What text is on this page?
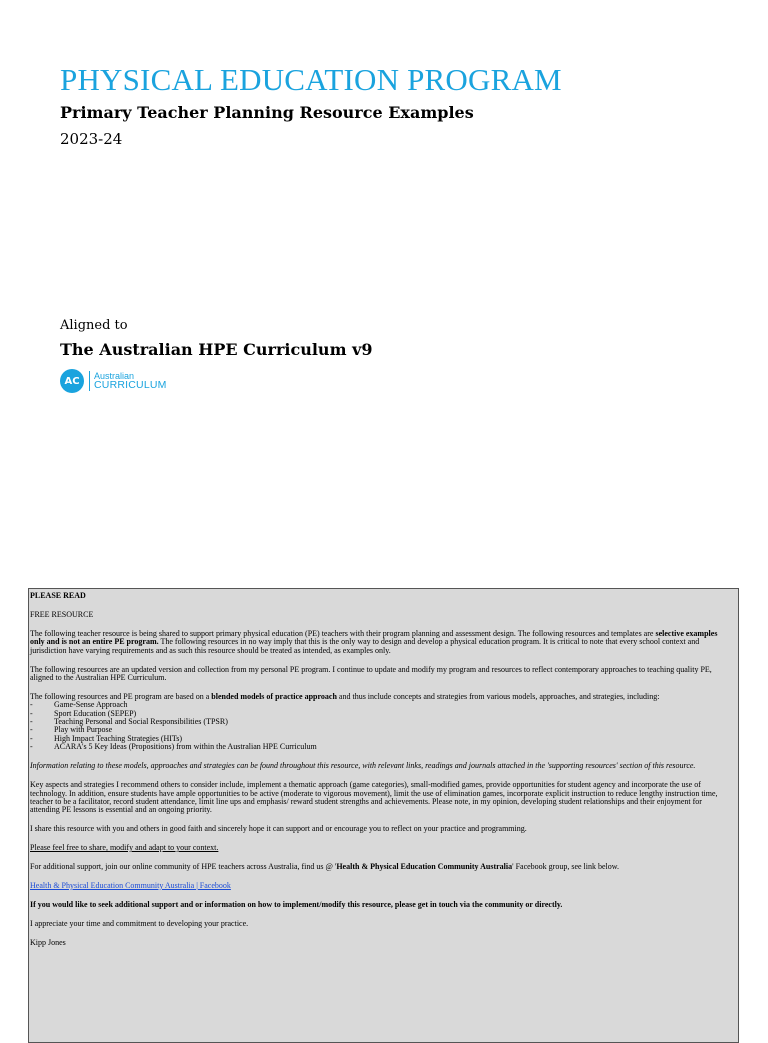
PHYSICAL EDUCATION PROGRAM
Primary Teacher Planning Resource Examples
2023-24
Aligned to
The Australian HPE Curriculum v9
AC	Australian
CURRICULUM

PLEASE READ

FREE RESOURCE

The following teacher resource is being shared to support primary physical education (PE) teachers with their program planning and assessment design. The following resources and templates are selective examples only and is not an entire PE program. The following resources in no way imply that this is the only way to design and develop a physical education program. It is critical to note that every school context and jurisdiction have varying requirements and as such this resource should be treated as intended, as examples only.

The following resources are an updated version and collection from my personal PE program. I continue to update and modify my program and resources to reflect contemporary approaches to teaching quality PE, aligned to the Australian HPE Curriculum.

The following resources and PE program are based on a blended models of practice approach and thus include concepts and strategies from various models, approaches, and strategies, including:

- Game-Sense Approach
- Sport Education (SEPEP)
- Teaching Personal and Social Responsibilities (TPSR)
- Play with Purpose
- High Impact Teaching Strategies (HITs)
- ACARA's 5 Key Ideas (Propositions) from within the Australian HPE Curriculum

Information relating to these models, approaches and strategies can be found throughout this resource, with relevant links, readings and journals attached in the 'supporting resources' section of this resource.

Key aspects and strategies I recommend others to consider include, implement a thematic approach (game categories), small-modified games, provide opportunities for student agency and incorporate the use of technology. In addition, ensure students have ample opportunities to be active (moderate to vigorous movement), limit the use of elimination games, incorporate explicit instruction to reduce lengthy instruction time, teacher to be a facilitator, record student attendance, limit line ups and emphasis/ reward student strengths and achievements. Please note, in my opinion, developing student relationships and their enjoyment for attending PE lessons is essential and an ongoing priority.

I share this resource with you and others in good faith and sincerely hope it can support and or encourage you to reflect on your practice and programming.

Please feel free to share, modify and adapt to your context.

For additional support, join our online community of HPE teachers across Australia, find us @ 'Health & Physical Education Community Australia' Facebook group, see link below.

Health & Physical Education Community Australia | Facebook

If you would like to seek additional support and or information on how to implement/modify this resource, please get in touch via the community or directly.

I appreciate your time and commitment to developing your practice.

Kipp Jones
